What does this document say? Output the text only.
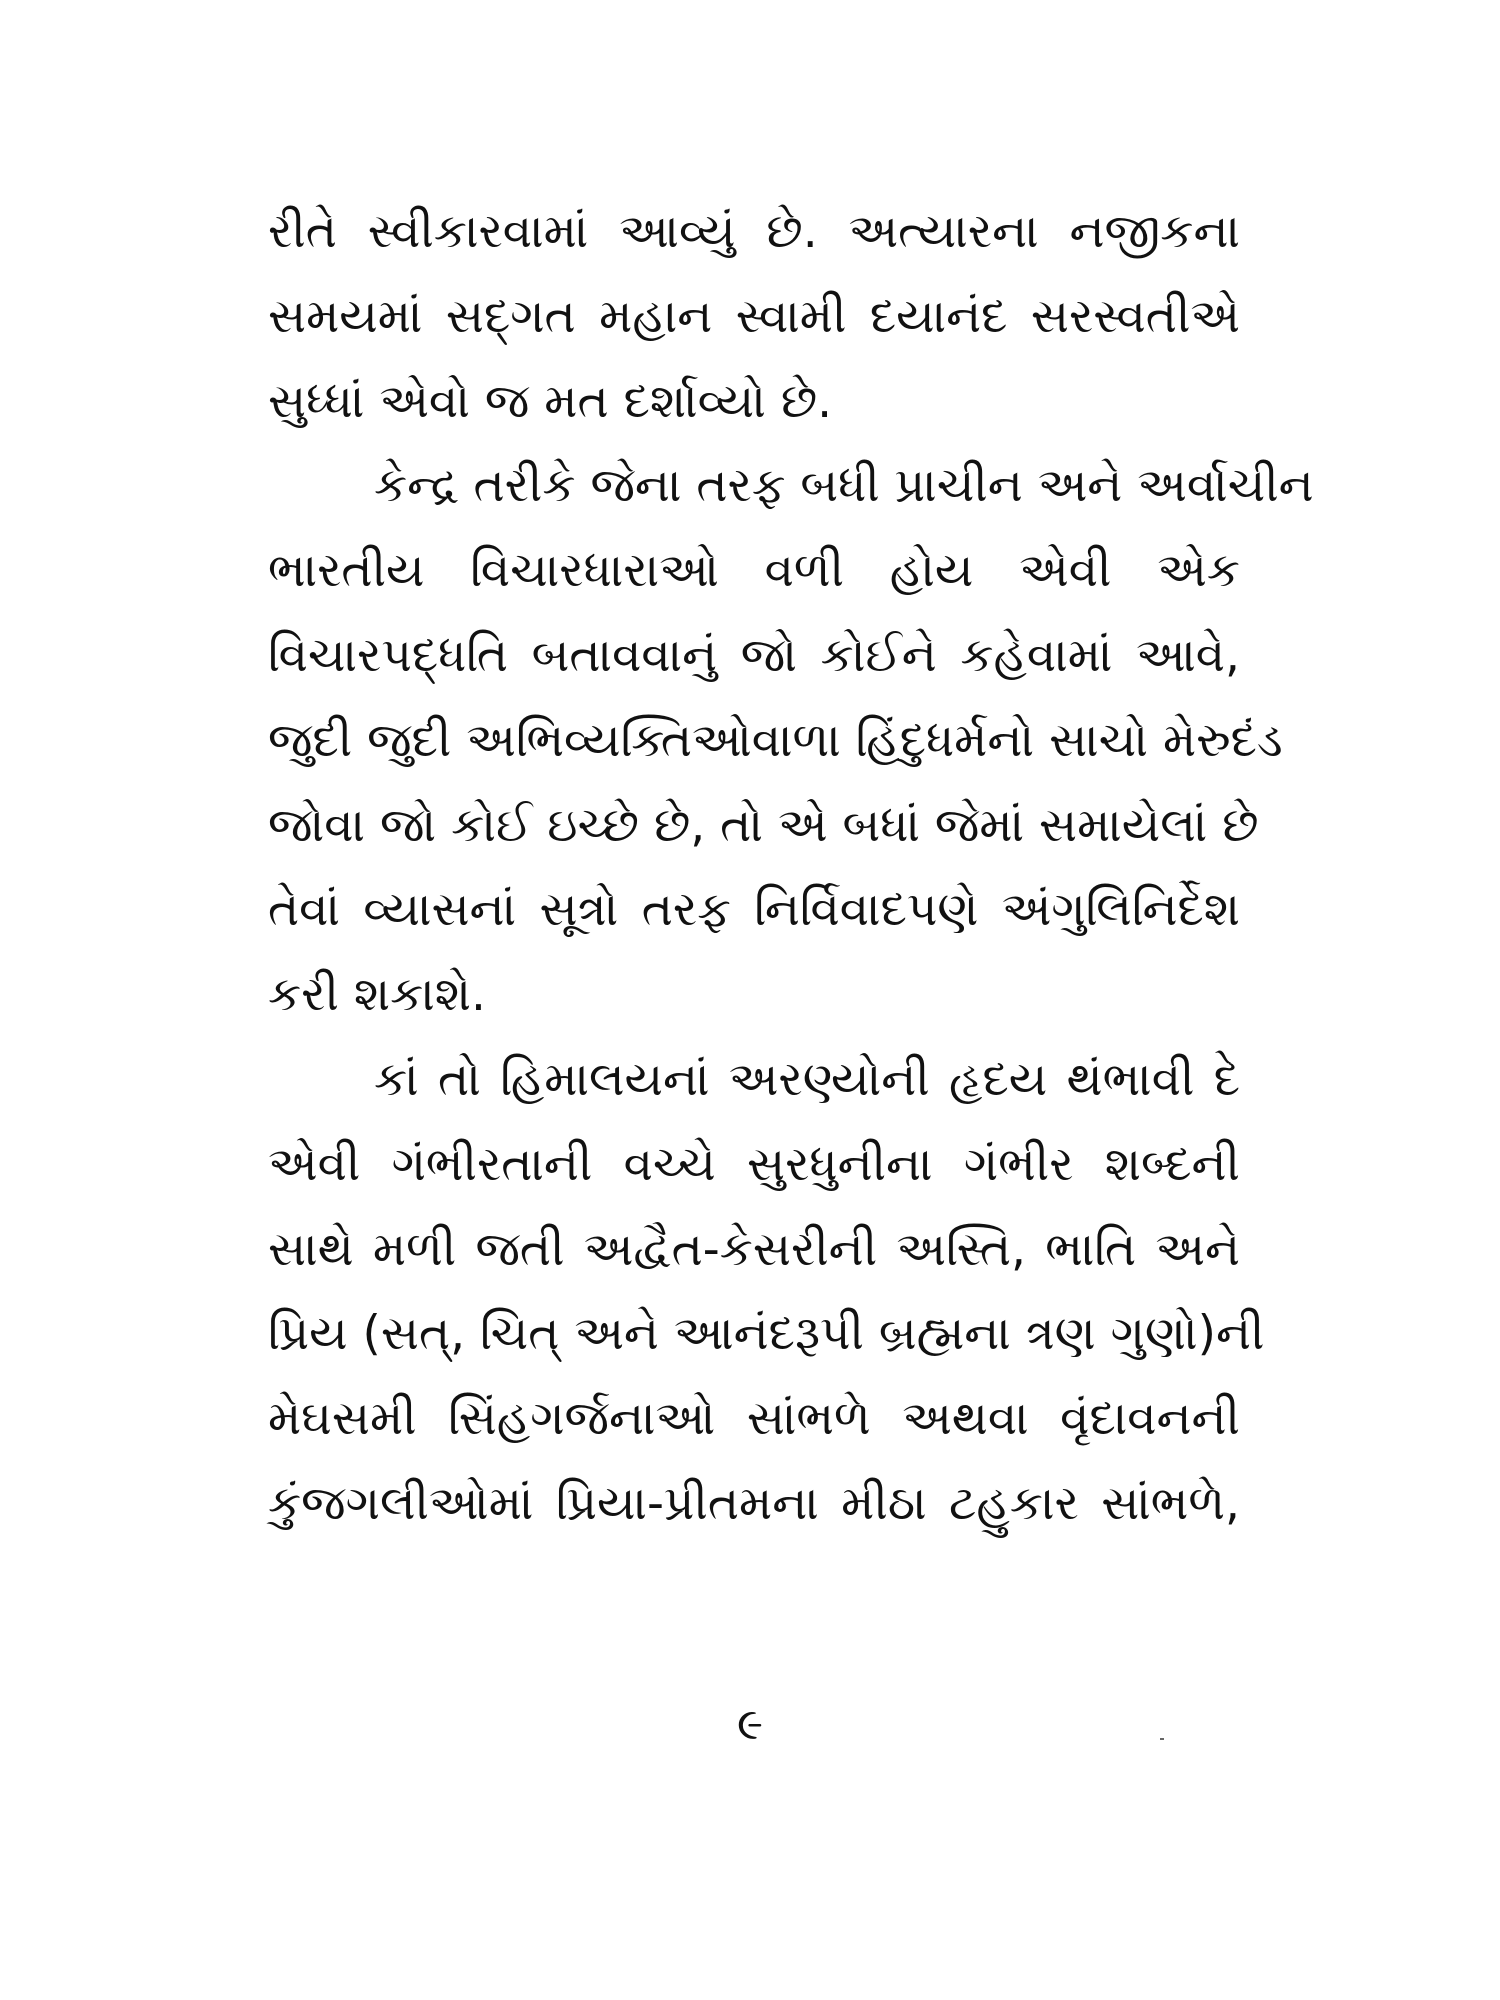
રીતે સ્વીકારવામાં આવ્યું છે. અત્યારના નજીકના
સમયમાં સદ્‌ગત મહાન સ્વામી દયાનંદ સરસ્વતીએ
સુધ્ધાં એવો જ મત દર્શાવ્યો છે.
કેન્દ્ર તરીકે જેના તરફ બધી પ્રાચીન અને અર્વાચીન
ભારતીય વિચારધારાઓ વળી હોય એવી એક
વિચારપદ્ધતિ બતાવવાનું જો કોઈને કહેવામાં આવે,
જુદી જુદી અભિવ્યક્તિઓવાળા હિંદુધર્મનો સાચો મેરુદંડ
જોવા જો કોઈ ઇચ્છે છે, તો એ બધાં જેમાં સમાયેલાં છે
તેવાં વ્યાસનાં સૂત્રો તરફ નિર્વિવાદપણે અંગુલિનિર્દેશ
કરી શકાશે.
કાં તો હિમાલયનાં અરણ્યોની હૃદય થંભાવી દે
એવી ગંભીરતાની વચ્ચે સુરધુનીના ગંભીર શબ્દની
સાથે મળી જતી અદ્વૈત-કેસરીની અસ્તિ, ભાતિ અને
પ્રિય (સત્, ચિત્ અને આનંદરૂપી બ્રહ્મના ત્રણ ગુણો)ની
મેઘસમી સિંહગર્જનાઓ સાંભળે અથવા વૃંદાવનની
કુંજગલીઓમાં પ્રિયા-પ્રીતમના મીઠા ટહુકાર સાંભળે,
૯
